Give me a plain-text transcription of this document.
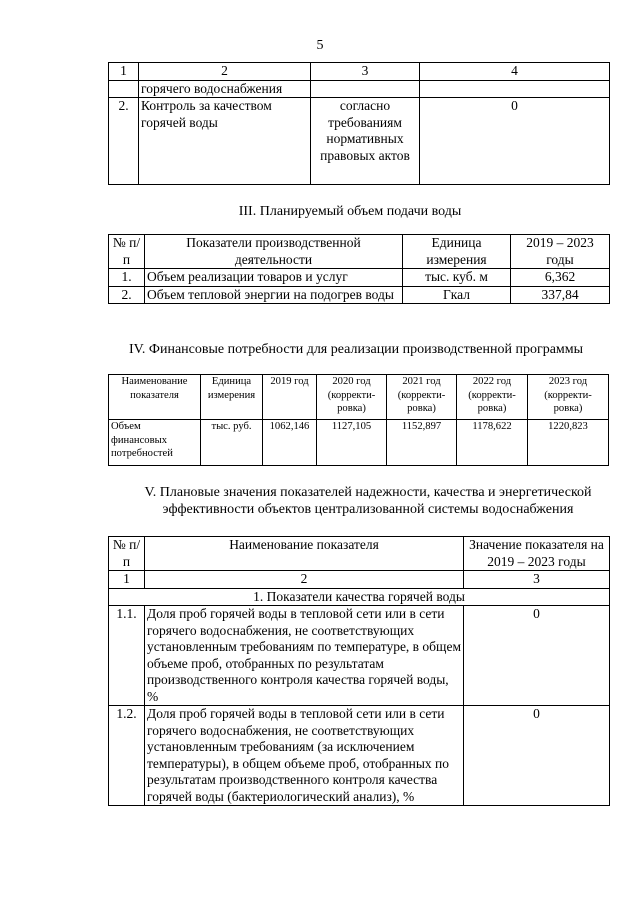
5
1	2	3	4
	горячего водоснабжения		
2.	Контроль за качеством горячей воды	согласно требованиям нормативных правовых актов	0
III. Планируемый объем подачи воды
№ п/п	Показатели производственной деятельности	Единица измерения	2019 – 2023 годы
1.	Объем реализации товаров и услуг	тыс. куб. м	6,362
2.	Объем тепловой энергии на подогрев воды	Гкал	337,84
IV. Финансовые потребности для реализации производственной программы
Наименование показателя	Единица измерения	2019 год	2020 год (корректи-ровка)	2021 год (корректи-ровка)	2022 год (корректи-ровка)	2023 год (корректи-ровка)
Объем финансовых потребностей	тыс. руб.	1062,146	1127,105	1152,897	1178,622	1220,823
V. Плановые значения показателей надежности, качества и энергетической эффективности объектов централизованной системы водоснабжения
№ п/п	Наименование показателя	Значение показателя на 2019 – 2023 годы
1	2	3
1. Показатели качества горячей воды		
1.1.	Доля проб горячей воды в тепловой сети или в сети горячего водоснабжения, не соответствующих установленным требованиям по температуре, в общем объеме проб, отобранных по результатам производственного контроля качества горячей воды, %	0
1.2.	Доля проб горячей воды в тепловой сети или в сети горячего водоснабжения, не соответствующих установленным требованиям (за исключением температуры), в общем объеме проб, отобранных по результатам производственного контроля качества горячей воды (бактериологический анализ), %	0
